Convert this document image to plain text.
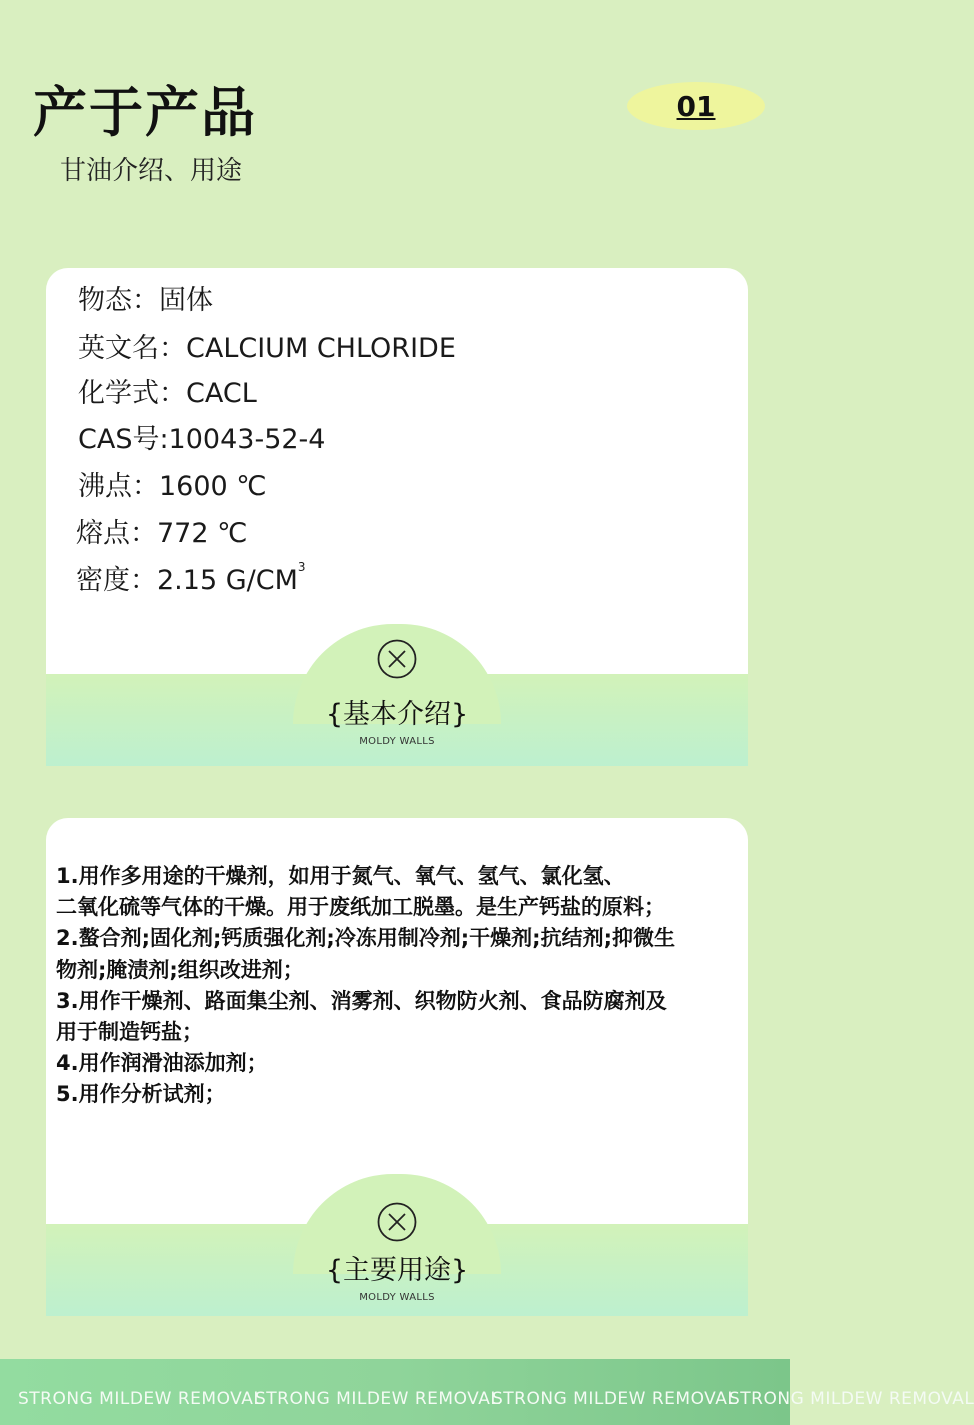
产于产品
甘油介绍、用途
01
物态：固体
英文名：CALCIUM CHLORIDE
化学式：CACL
CAS号:10043-52-4
沸点：1600 ℃
熔点：772 ℃
密度：2.15 $G/CM^3$
{基本介绍}
MOLDY WALLS
1.用作多用途的干燥剂，如用于氮气、氧气、氢气、氯化氢、
二氧化硫等气体的干燥。用于废纸加工脱墨。是生产钙盐的原料；
2.螯合剂;固化剂;钙质强化剂;冷冻用制冷剂;干燥剂;抗结剂;抑微生
物剂;腌渍剂;组织改进剂；
3.用作干燥剂、路面集尘剂、消雾剂、织物防火剂、食品防腐剂及
用于制造钙盐；
4.用作润滑油添加剂；
5.用作分析试剂；
{主要用途}
MOLDY WALLS
STRONG MILDEW REMOVAL
STRONG MILDEW REMOVAL
STRONG MILDEW REMOVAL
STRONG MILDEW REMOVAL
